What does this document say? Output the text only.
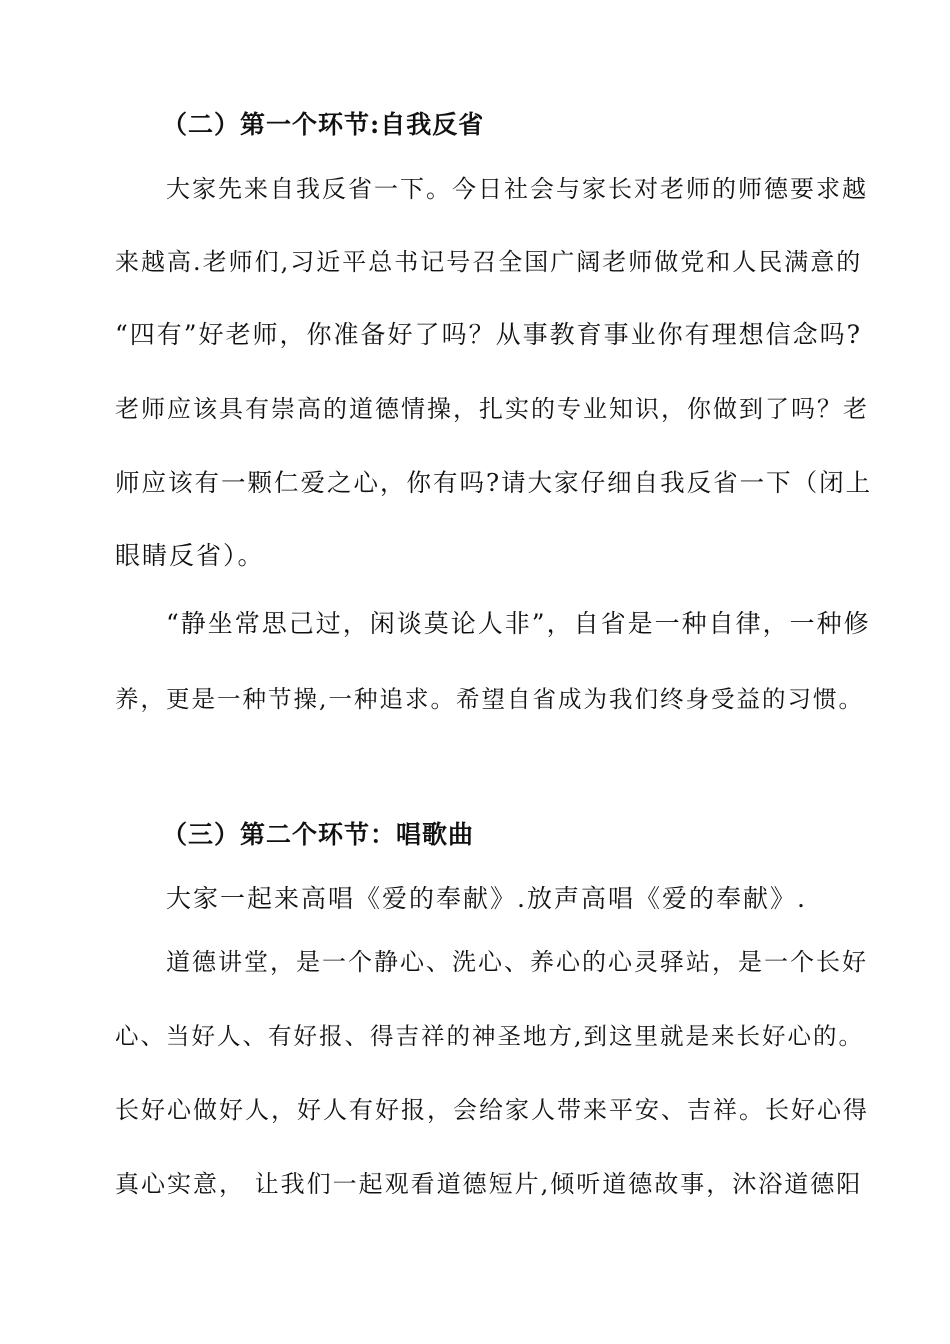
（二）第一个环节:自我反省
大家先来自我反省一下。今日社会与家长对老师的师德要求越
来越高.老师们,习近平总书记号召全国广阔老师做党和人民满意的
“四有”好老师，你准备好了吗？从事教育事业你有理想信念吗?
老师应该具有崇高的道德情操，扎实的专业知识，你做到了吗？老
师应该有一颗仁爱之心，你有吗?请大家仔细自我反省一下（闭上
眼睛反省）。
“静坐常思己过，闲谈莫论人非”，自省是一种自律，一种修
养，更是一种节操,一种追求。希望自省成为我们终身受益的习惯。
（三）第二个环节：唱歌曲
大家一起来高唱《爱的奉献》.放声高唱《爱的奉献》.
道德讲堂，是一个静心、洗心、养心的心灵驿站，是一个长好
心、当好人、有好报、得吉祥的神圣地方,到这里就是来长好心的。
长好心做好人，好人有好报，会给家人带来平安、吉祥。长好心得
真心实意， 让我们一起观看道德短片,倾听道德故事，沐浴道德阳
